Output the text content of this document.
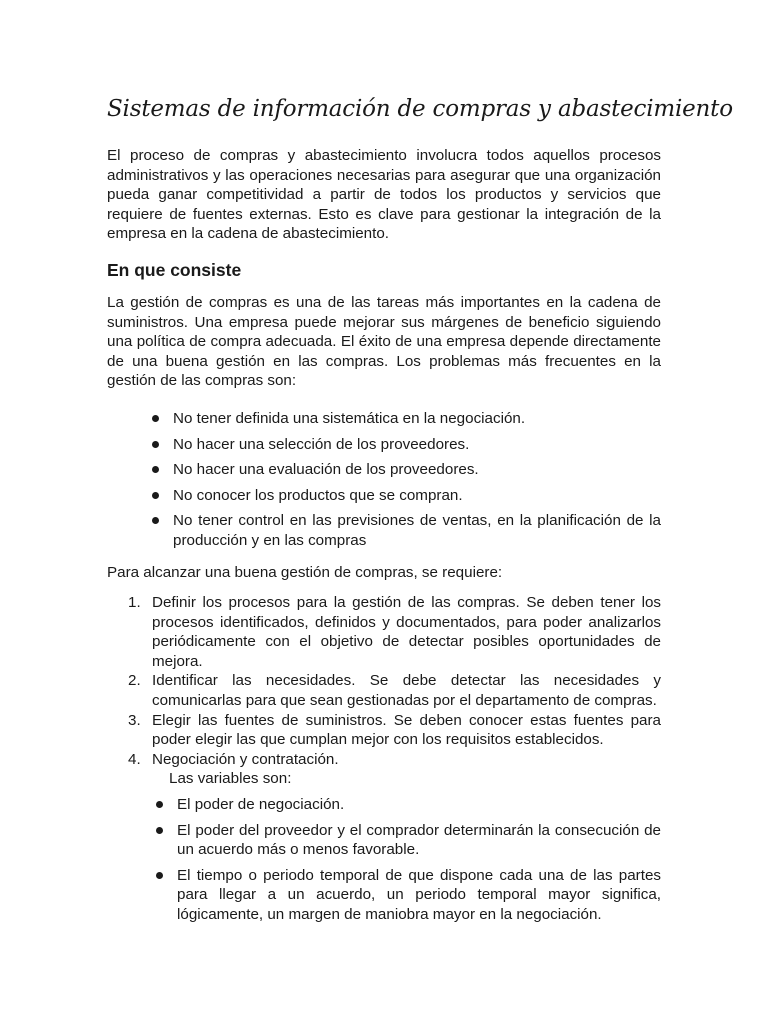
Sistemas de información de compras y abastecimiento

El proceso de compras y abastecimiento involucra todos aquellos procesos administrativos y las operaciones necesarias para asegurar que una organización pueda ganar competitividad a partir de todos los productos y servicios que requiere de fuentes externas. Esto es clave para gestionar la integración de la empresa en la cadena de abastecimiento.

En que consiste

La gestión de compras es una de las tareas más importantes en la cadena de suministros. Una empresa puede mejorar sus márgenes de beneficio siguiendo una política de compra adecuada. El éxito de una empresa depende directamente de una buena gestión en las compras. Los problemas más frecuentes en la gestión de las compras son:

No tener definida una sistemática en la negociación.
No hacer una selección de los proveedores.
No hacer una evaluación de los proveedores.
No conocer los productos que se compran.
No tener control en las previsiones de ventas, en la planificación de la producción y en las compras

Para alcanzar una buena gestión de compras, se requiere:

1. Definir los procesos para la gestión de las compras. Se deben tener los procesos identificados, definidos y documentados, para poder analizarlos periódicamente con el objetivo de detectar posibles oportunidades de mejora.
2. Identificar las necesidades. Se debe detectar las necesidades y comunicarlas para que sean gestionadas por el departamento de compras.
3. Elegir las fuentes de suministros. Se deben conocer estas fuentes para poder elegir las que cumplan mejor con los requisitos establecidos.
4. Negociación y contratación.
Las variables son:
El poder de negociación.
El poder del proveedor y el comprador determinarán la consecución de un acuerdo más o menos favorable.
El tiempo o periodo temporal de que dispone cada una de las partes para llegar a un acuerdo, un periodo temporal mayor significa, lógicamente, un margen de maniobra mayor en la negociación.
